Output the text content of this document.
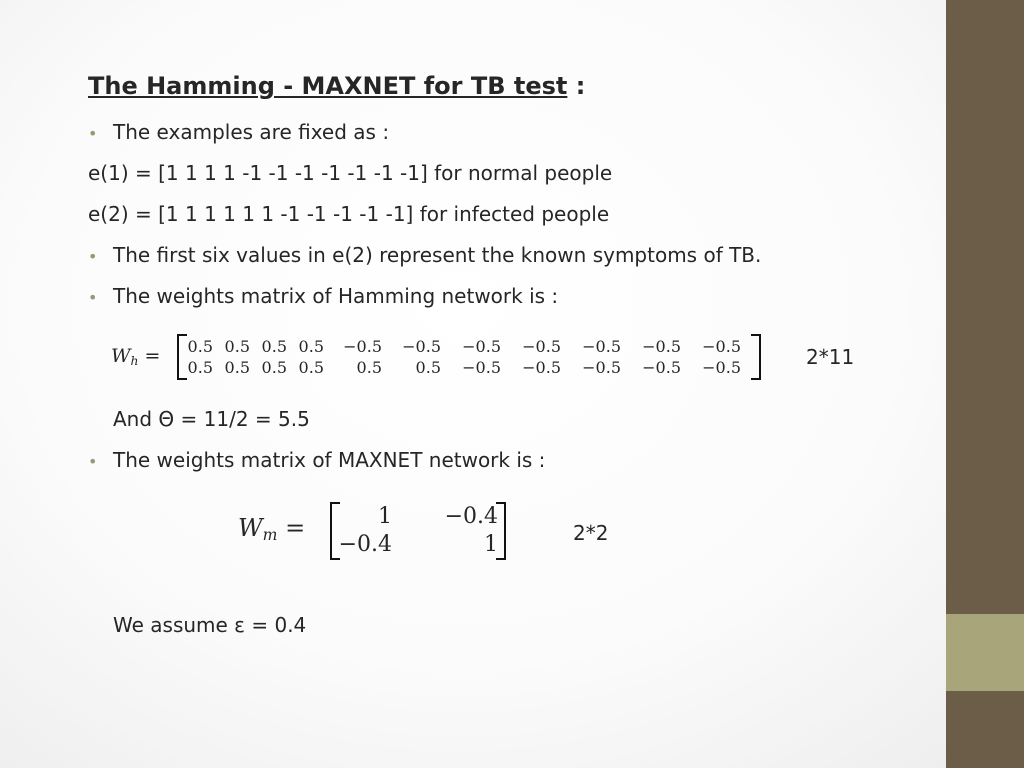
The Hamming - MAXNET for TB test :
• The examples are fixed as :
e(1) = [1 1 1 1 -1 -1 -1 -1 -1 -1 -1] for normal people
e(2) = [1 1 1 1 1 1 -1 -1 -1 -1 -1] for infected people
• The first six values in e(2) represent the known symptoms of TB.
• The weights matrix of Hamming network is :
$W_h = 0.5$ 0.5 0.5 0.5	−0.5	−0.5	−0.5	−0.5	−0.5	−0.5	−0.5
0.5 0.5 0.5 0.5	0.5	0.5	−0.5	−0.5	−0.5	−0.5	−0.5	2*11
And Θ = 11/2 = 5.5
• The weights matrix of MAXNET network is :
$W_m$ =	1	−0.4
−0.4	1	2*2
We assume ε = 0.4
